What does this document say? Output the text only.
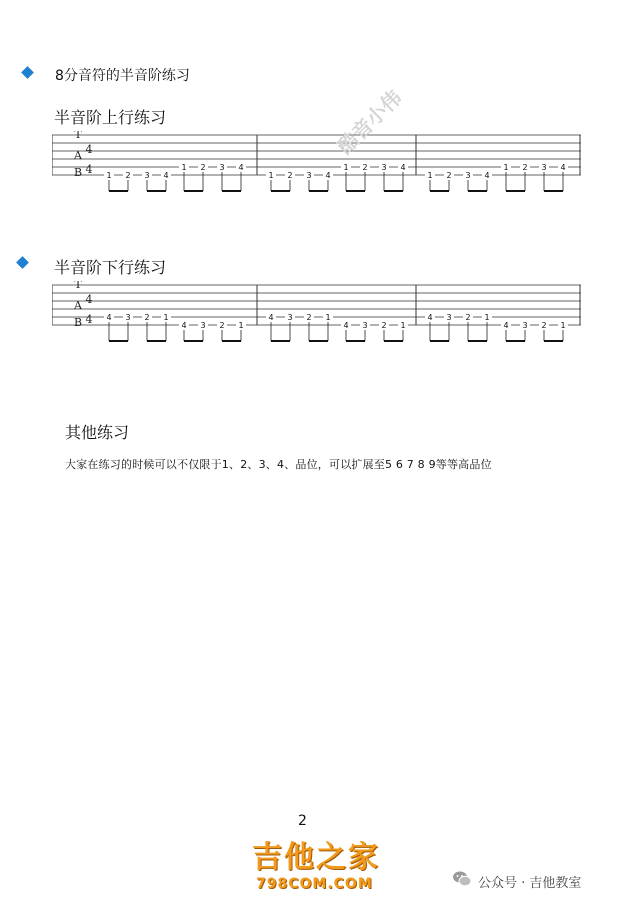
8分音符的半音阶练习
半音阶上行练习
T
A
B
4
4 1 2 3 4
1 2 3 4
1 2 3 4
1 2 3 4
1 2 3 4
1 2 3 4
酷音小伟
半音阶下行练习
T
A
B
4
4 4 3 2 1
4 3 2 1
4 3 2 1
4 3 2 1
4 3 2 1
4 3 2 1
其他练习
大家在练习的时候可以不仅限于1、2、3、4、品位，可以扩展至5 6 7 8 9等等高品位
2
吉他之家
798COM.COM	公众号 · 吉他教室
